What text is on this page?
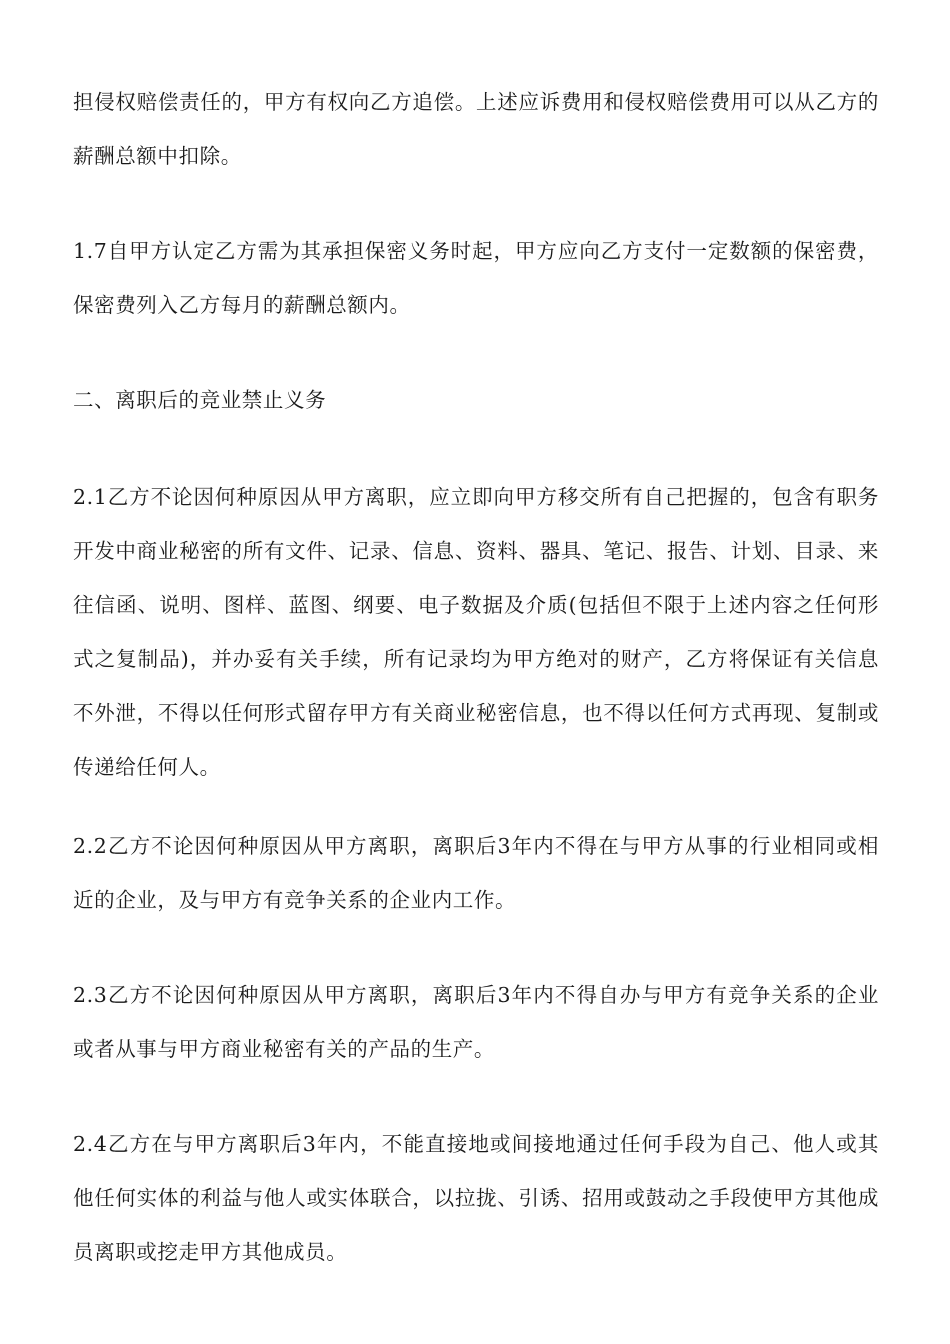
担侵权赔偿责任的，甲方有权向乙方追偿。上述应诉费用和侵权赔偿费用可以从乙方的薪酬总额中扣除。

1.7自甲方认定乙方需为其承担保密义务时起，甲方应向乙方支付一定数额的保密费，保密费列入乙方每月的薪酬总额内。

二、离职后的竞业禁止义务

2.1乙方不论因何种原因从甲方离职，应立即向甲方移交所有自己把握的，包含有职务开发中商业秘密的所有文件、记录、信息、资料、器具、笔记、报告、计划、目录、来往信函、说明、图样、蓝图、纲要、电子数据及介质(包括但不限于上述内容之任何形式之复制品)，并办妥有关手续，所有记录均为甲方绝对的财产，乙方将保证有关信息不外泄，不得以任何形式留存甲方有关商业秘密信息，也不得以任何方式再现、复制或传递给任何人。

2.2乙方不论因何种原因从甲方离职，离职后3年内不得在与甲方从事的行业相同或相近的企业，及与甲方有竞争关系的企业内工作。

2.3乙方不论因何种原因从甲方离职，离职后3年内不得自办与甲方有竞争关系的企业或者从事与甲方商业秘密有关的产品的生产。

2.4乙方在与甲方离职后3年内，不能直接地或间接地通过任何手段为自己、他人或其他任何实体的利益与他人或实体联合，以拉拢、引诱、招用或鼓动之手段使甲方其他成员离职或挖走甲方其他成员。
